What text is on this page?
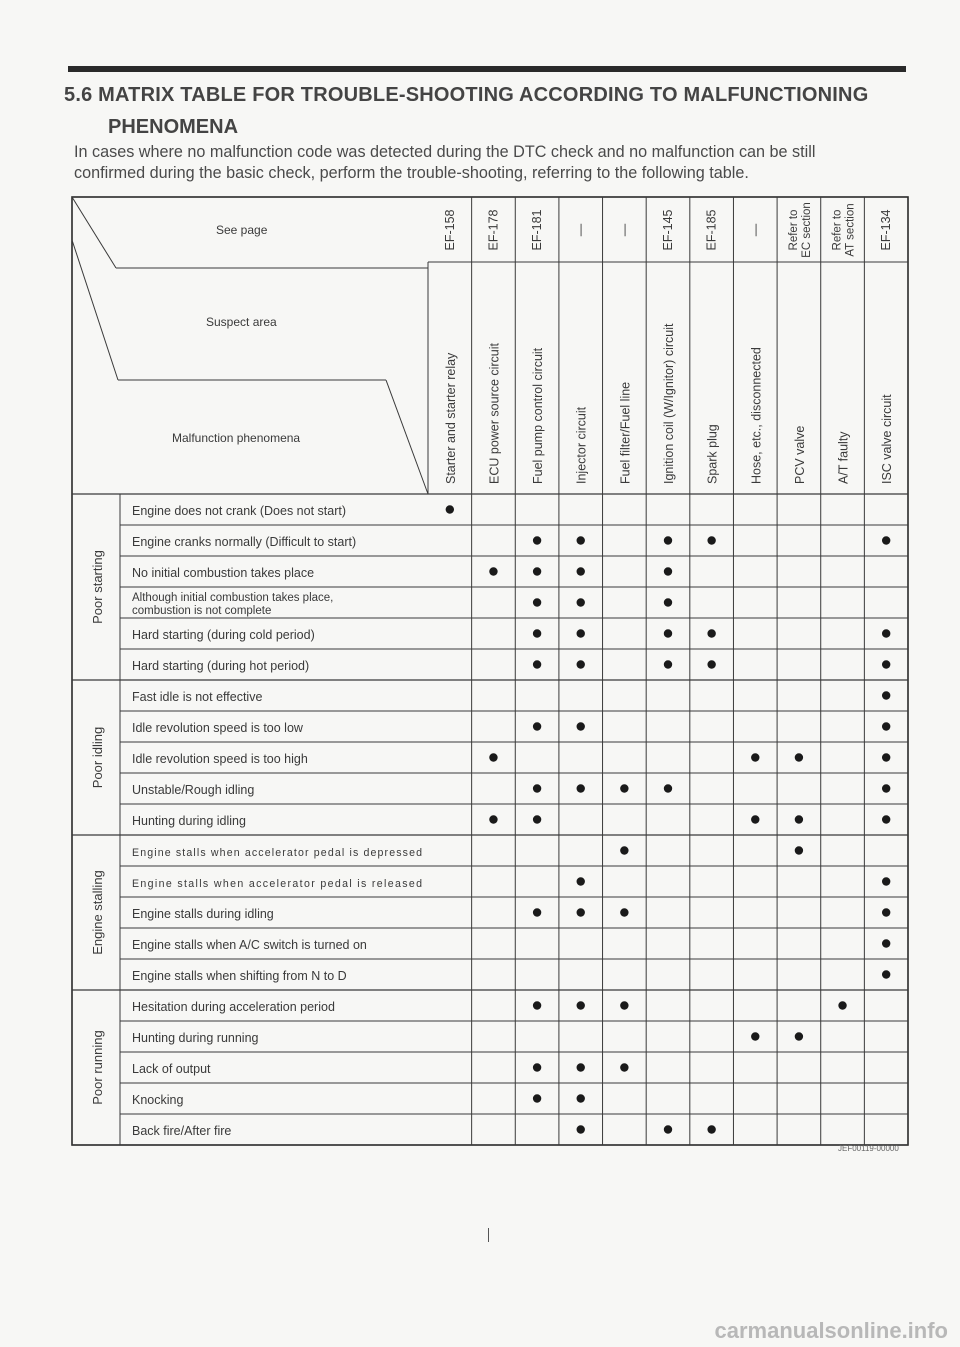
5.6 MATRIX TABLE FOR TROUBLE-SHOOTING ACCORDING TO MALFUNCTIONING
PHENOMENA
In cases where no malfunction code was detected during the DTC check and no malfunction can be still
confirmed during the basic check, perform the trouble-shooting, referring to the following table.
See page
Suspect area
Malfunction phenomena
EF-158
Starter and starter relay
EF-178
ECU power source circuit
EF-181
Fuel pump control circuit
—
Injector circuit
—
Fuel filter/Fuel line
EF-145
Ignition coil (W/Ignitor) circuit
EF-185
Spark plug
—
Hose, etc., disconnected
Refer to EC section
PCV valve
Refer to AT section
A/T faulty
EF-134
ISC valve circuit
Poor starting
Engine does not crank (Does not start)
Engine cranks normally (Difficult to start)
No initial combustion takes place
Although initial combustion takes place,
combustion is not complete
Hard starting (during cold period)
Hard starting (during hot period)
Poor idling
Fast idle is not effective
Idle revolution speed is too low
Idle revolution speed is too high
Unstable/Rough idling
Hunting during idling
Engine stalling
Engine stalls when accelerator pedal is depressed
Engine stalls when accelerator pedal is released
Engine stalls during idling
Engine stalls when A/C switch is turned on
Engine stalls when shifting from N to D
Poor running
Hesitation during acceleration period
Hunting during running
Lack of output
Knocking
Back fire/After fire
JEF00119-00000
carmanualsonline.info
